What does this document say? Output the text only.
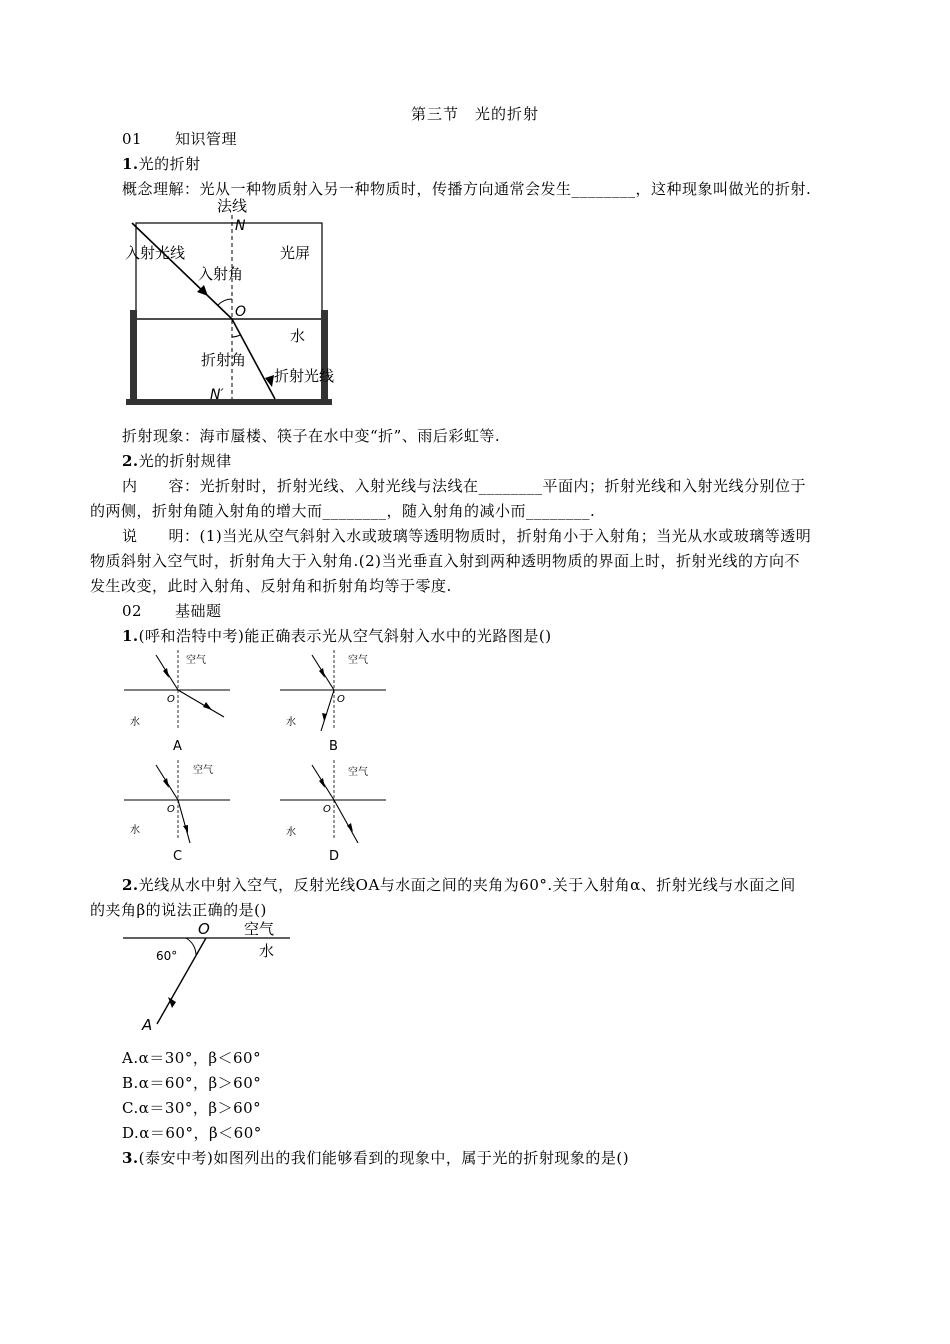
第三节　光的折射
01 知识管理
1.光的折射
概念理解：光从一种物质射入另一种物质时，传播方向通常会发生________，这种现象叫做光的折射.
法线
N
入射光线
入射角
光屏
O
水
折射角
折射光线
N′
折射现象：海市蜃楼、筷子在水中变“折”、雨后彩虹等.
2.光的折射规律
内　　容：光折射时，折射光线、入射光线与法线在________平面内；折射光线和入射光线分别位于
的两侧，折射角随入射角的增大而________，随入射角的减小而________.
说　　明：(1)当光从空气斜射入水或玻璃等透明物质时，折射角小于入射角；当光从水或玻璃等透明
物质斜射入空气时，折射角大于入射角.(2)当光垂直入射到两种透明物质的界面上时，折射光线的方向不
发生改变，此时入射角、反射角和折射角均等于零度.
02 基础题
1.(呼和浩特中考)能正确表示光从空气斜射入水中的光路图是()
空气
O
水
A
空气
O
水
B
空气
O
水
C
空气
O
水
D
2.光线从水中射入空气，反射光线OA与水面之间的夹角为60°.关于入射角α、折射光线与水面之间
的夹角β的说法正确的是()
O 空气
水
60°
A
A.α＝30°，β＜60°
B.α＝60°，β＞60°
C.α＝30°，β＞60°
D.α＝60°，β＜60°
3.(泰安中考)如图列出的我们能够看到的现象中，属于光的折射现象的是()
